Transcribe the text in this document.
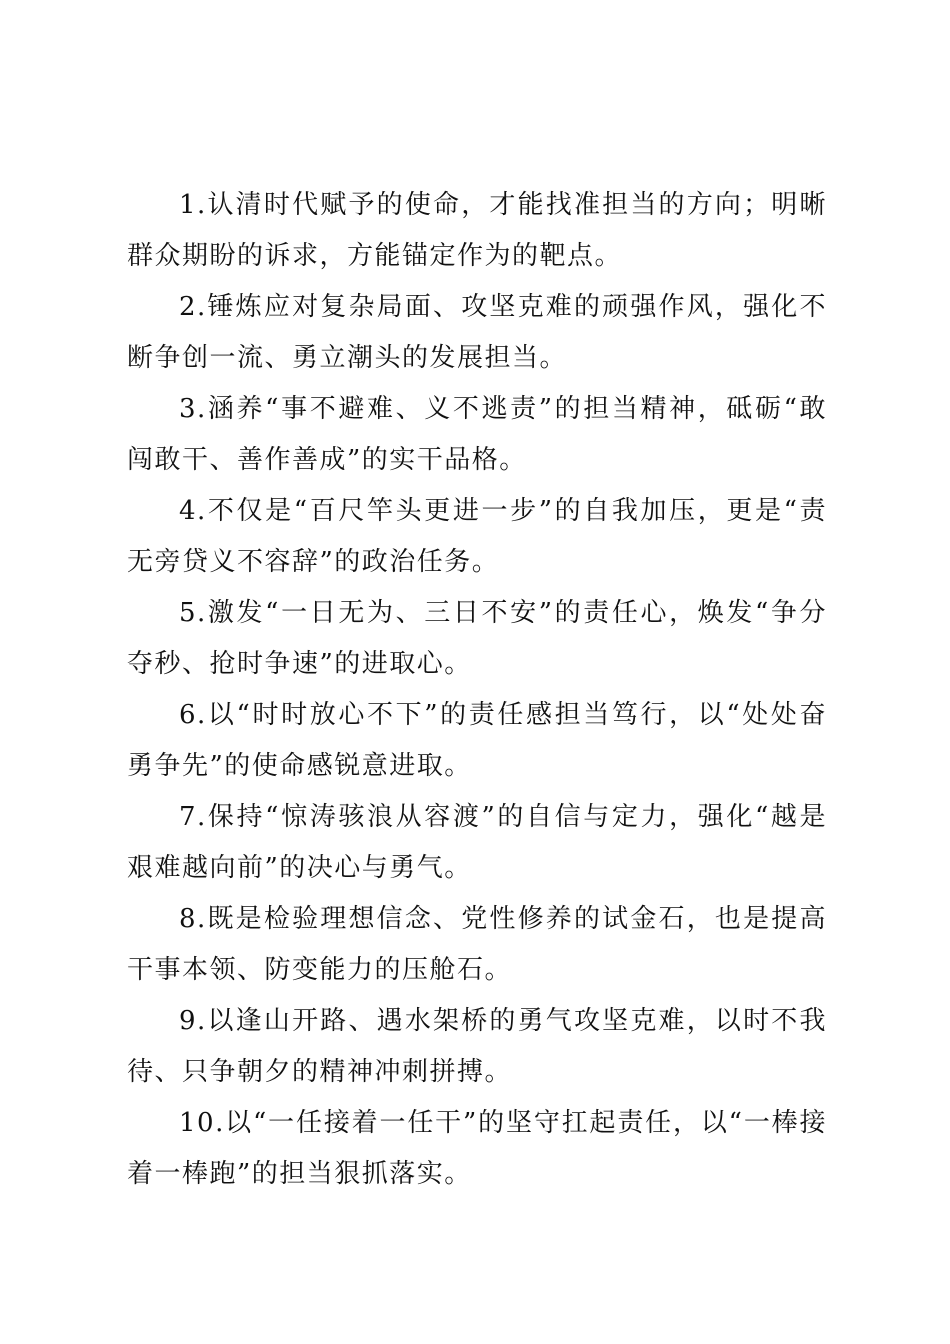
1.认清时代赋予的使命，才能找准担当的方向；明晰群众期盼的诉求，方能锚定作为的靶点。

2.锤炼应对复杂局面、攻坚克难的顽强作风，强化不断争创一流、勇立潮头的发展担当。

3.涵养“事不避难、义不逃责”的担当精神，砥砺“敢闯敢干、善作善成”的实干品格。

4.不仅是“百尺竿头更进一步”的自我加压，更是“责无旁贷义不容辞”的政治任务。

5.激发“一日无为、三日不安”的责任心，焕发“争分夺秒、抢时争速”的进取心。

6.以“时时放心不下”的责任感担当笃行，以“处处奋勇争先”的使命感锐意进取。

7.保持“惊涛骇浪从容渡”的自信与定力，强化“越是艰难越向前”的决心与勇气。

8.既是检验理想信念、党性修养的试金石，也是提高干事本领、防变能力的压舱石。

9.以逢山开路、遇水架桥的勇气攻坚克难，以时不我待、只争朝夕的精神冲刺拼搏。

10.以“一任接着一任干”的坚守扛起责任，以“一棒接着一棒跑”的担当狠抓落实。
